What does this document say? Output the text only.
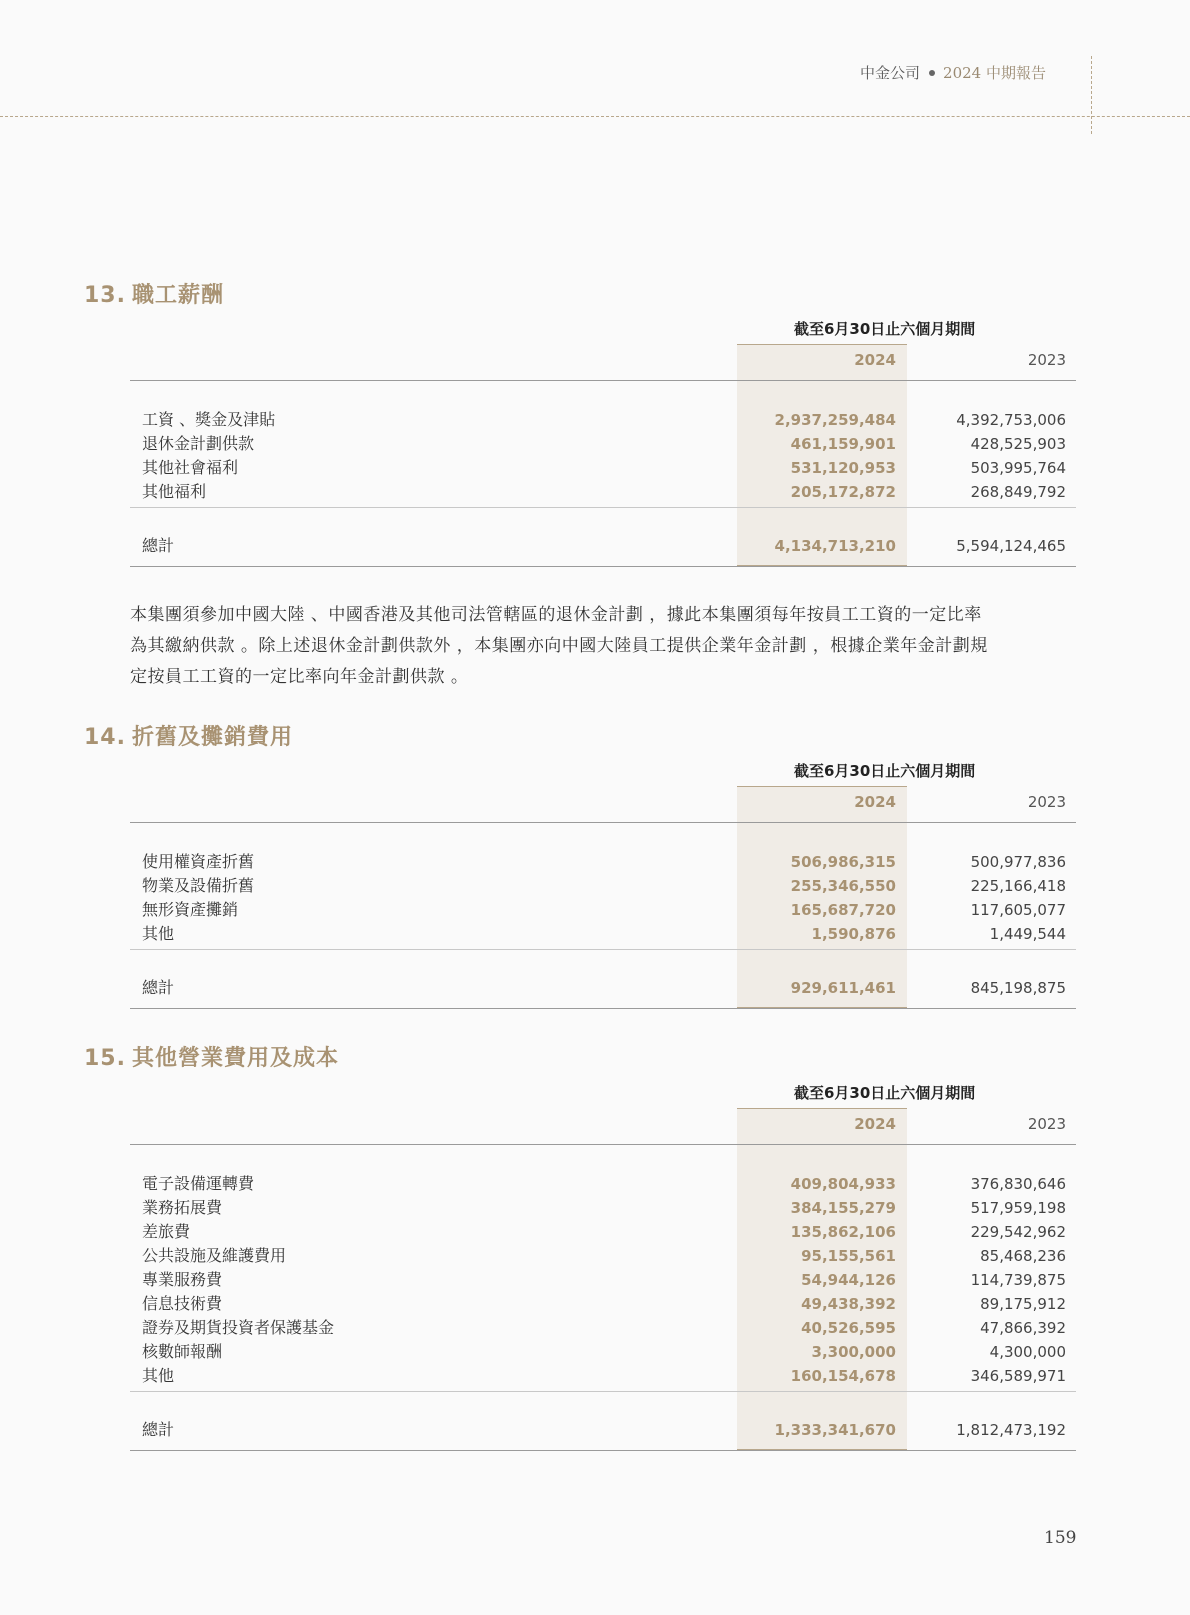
中金公司 2024 中期報告
13. 職工薪酬
截至6月30日止六個月期間
2024	2023
工資 、獎金及津貼	2,937,259,484	4,392,753,006
退休金計劃供款	461,159,901	428,525,903
其他社會福利	531,120,953	503,995,764
其他福利	205,172,872	268,849,792
總計	4,134,713,210	5,594,124,465
本集團須參加中國大陸 、中國香港及其他司法管轄區的退休金計劃 ，據此本集團須每年按員工工資的一定比率
為其繳納供款 。除上述退休金計劃供款外 ，本集團亦向中國大陸員工提供企業年金計劃 ，根據企業年金計劃規
定按員工工資的一定比率向年金計劃供款 。
14. 折舊及攤銷費用
截至6月30日止六個月期間
2024	2023
使用權資產折舊	506,986,315	500,977,836
物業及設備折舊	255,346,550	225,166,418
無形資產攤銷	165,687,720	117,605,077
其他	1,590,876	1,449,544
總計	929,611,461	845,198,875
15. 其他營業費用及成本
截至6月30日止六個月期間
2024	2023
電子設備運轉費	409,804,933	376,830,646
業務拓展費	384,155,279	517,959,198
差旅費	135,862,106	229,542,962
公共設施及維護費用	95,155,561	85,468,236
專業服務費	54,944,126	114,739,875
信息技術費	49,438,392	89,175,912
證券及期貨投資者保護基金	40,526,595	47,866,392
核數師報酬	3,300,000	4,300,000
其他	160,154,678	346,589,971
總計	1,333,341,670	1,812,473,192
159
